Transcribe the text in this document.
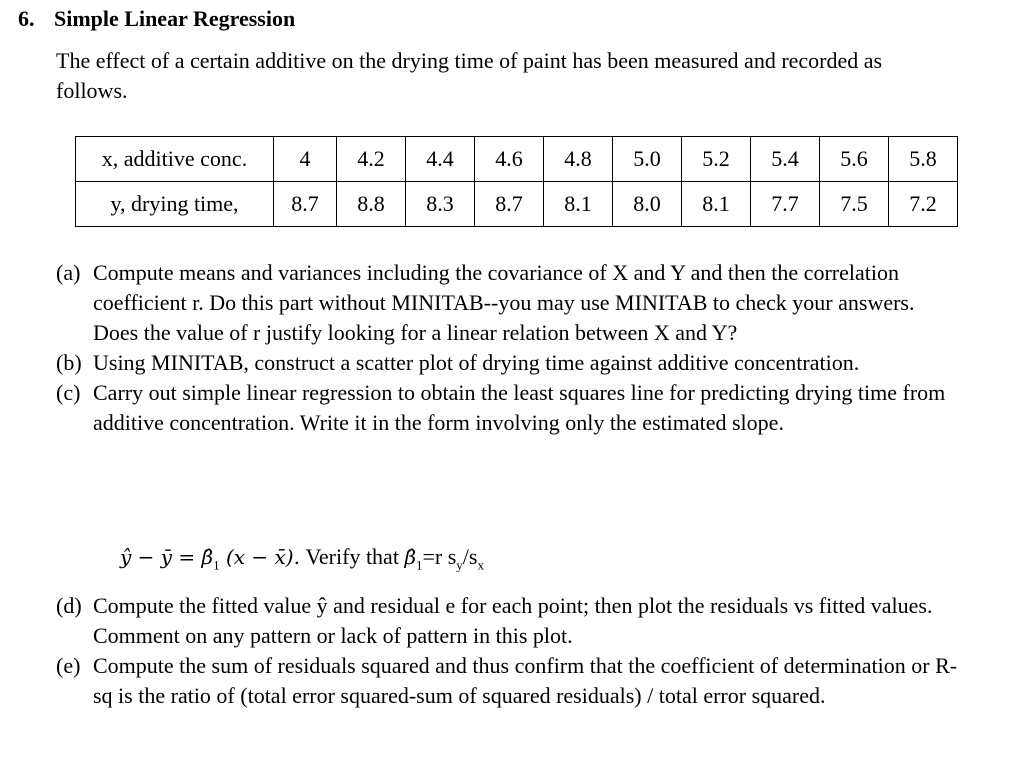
6. Simple Linear Regression
The effect of a certain additive on the drying time of paint has been measured and recorded as follows.
x, additive conc.	4	4.2	4.4	4.6	4.8	5.0	5.2	5.4	5.6	5.8
y, drying time,	8.7	8.8	8.3	8.7	8.1	8.0	8.1	7.7	7.5	7.2

(a) Compute means and variances including the covariance of X and Y and then the correlation coefficient r. Do this part without MINITAB--you may use MINITAB to check your answers. Does the value of r justify looking for a linear relation between X and Y?

(b) Using MINITAB, construct a scatter plot of drying time against additive concentration.

(c) Carry out simple linear regression to obtain the least squares line for predicting drying time from additive concentration. Write it in the form involving only the estimated slope.

ŷ − ȳ = $\betâ_1$ (x − x̄). Verify that $\betâ_1=r$ $s_y/s_x$

(d) Compute the fitted value ŷ and residual e for each point; then plot the residuals vs fitted values. Comment on any pattern or lack of pattern in this plot.

(e) Compute the sum of residuals squared and thus confirm that the coefficient of determination or R-sq is the ratio of (total error squared-sum of squared residuals) / total error squared.
